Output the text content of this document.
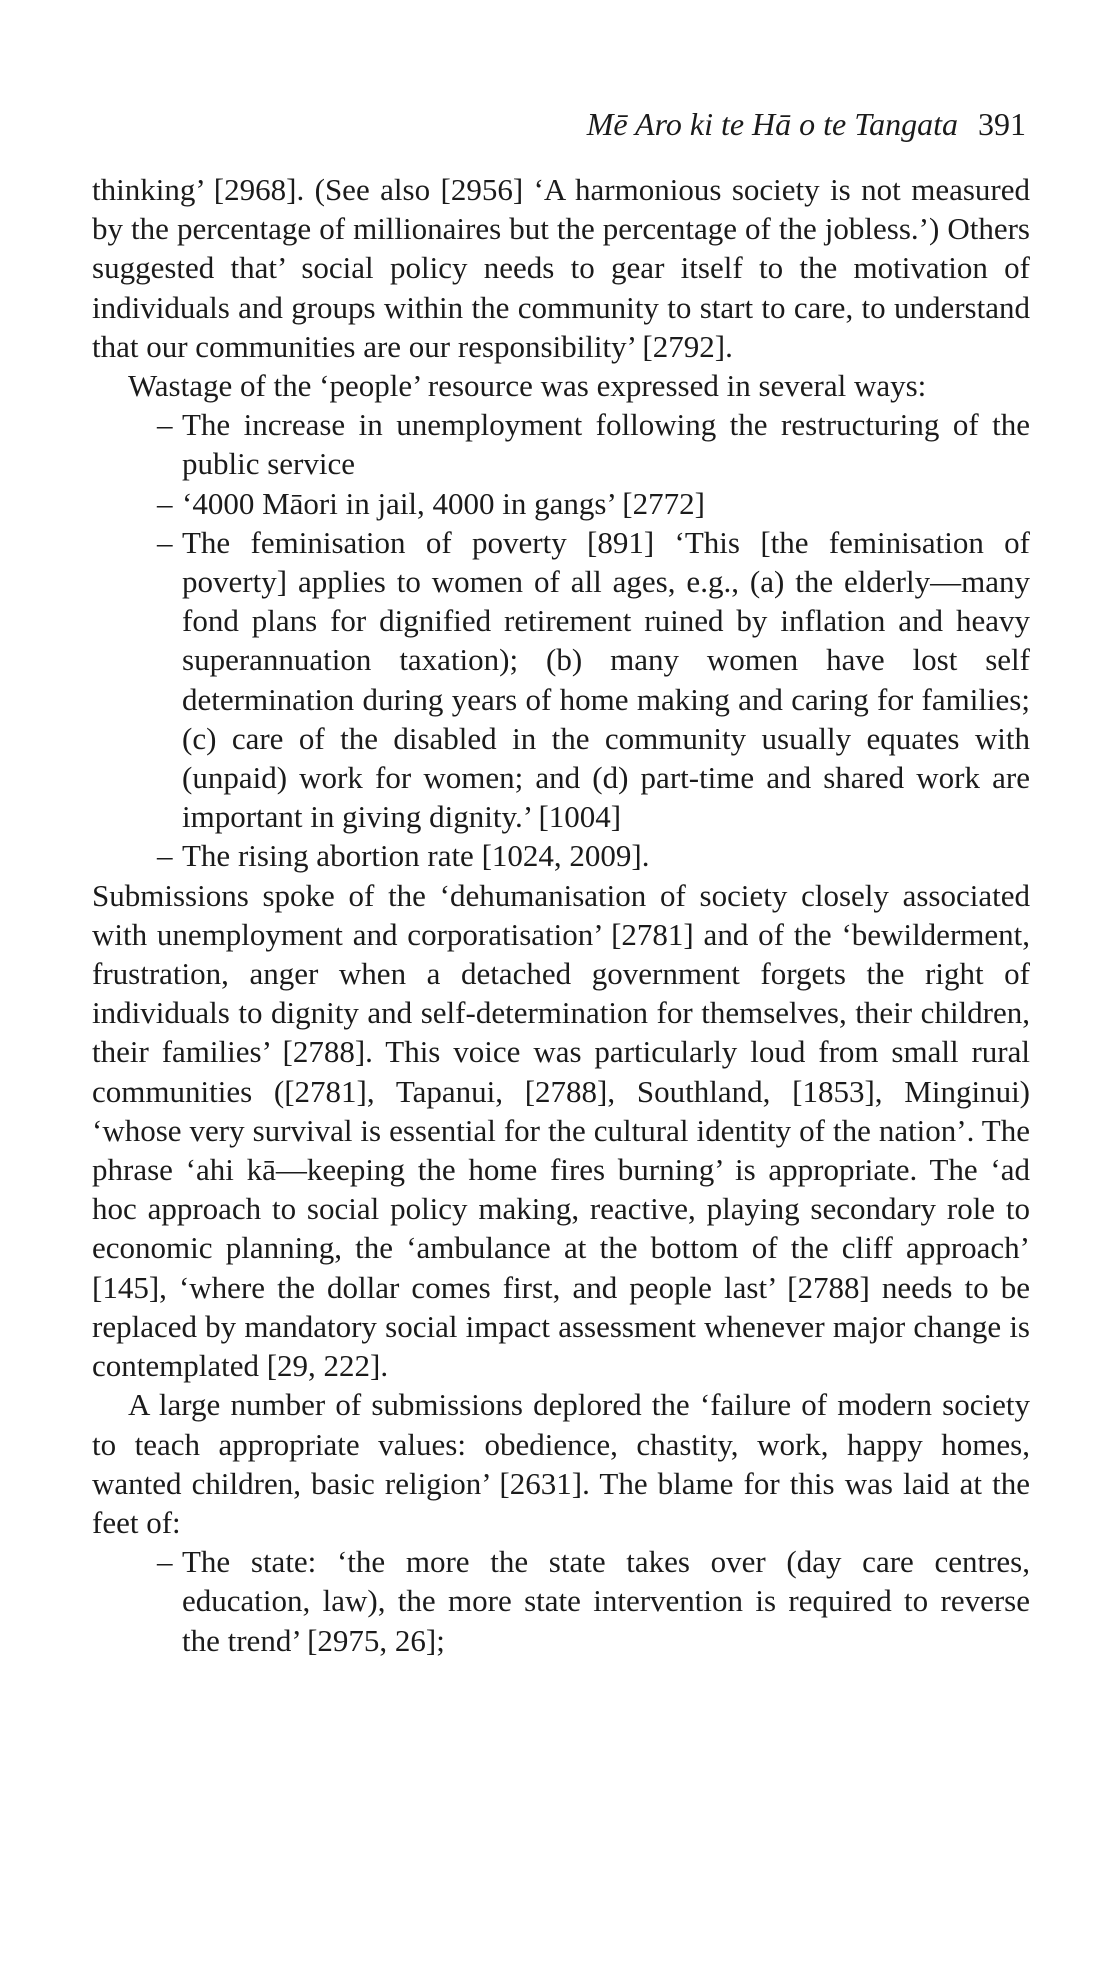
Mē Aro ki te Hā o te Tangata 391

thinking’ [2968]. (See also [2956] ‘A harmonious society is not measured by the percentage of millionaires but the percentage of the jobless.’) Others suggested that’ social policy needs to gear itself to the motivation of individuals and groups within the community to start to care, to understand that our communities are our responsibility’ [2792].

Wastage of the ‘people’ resource was expressed in several ways:

– The increase in unemployment following the restructuring of the public service
– ‘4000 Māori in jail, 4000 in gangs’ [2772]
– The feminisation of poverty [891] ‘This [the feminisation of poverty] applies to women of all ages, e.g., (a) the elderly—many fond plans for dignified retirement ruined by inflation and heavy superannuation taxation); (b) many women have lost self determination during years of home making and caring for families; (c) care of the disabled in the community usually equates with (unpaid) work for women; and (d) part-time and shared work are important in giving dignity.’ [1004]
– The rising abortion rate [1024, 2009].

Submissions spoke of the ‘dehumanisation of society closely associated with unemployment and corporatisation’ [2781] and of the ‘bewilderment, frustration, anger when a detached government forgets the right of individuals to dignity and self-determination for themselves, their children, their families’ [2788]. This voice was particularly loud from small rural communities ([2781], Tapanui, [2788], Southland, [1853], Minginui) ‘whose very survival is essential for the cultural identity of the nation’. The phrase ‘ahi kā—keeping the home fires burning’ is appropriate. The ‘ad hoc approach to social policy making, reactive, playing secondary role to economic planning, the ‘ambulance at the bottom of the cliff approach’ [145], ‘where the dollar comes first, and people last’ [2788] needs to be replaced by mandatory social impact assessment whenever major change is contemplated [29, 222].

A large number of submissions deplored the ‘failure of modern society to teach appropriate values: obedience, chastity, work, happy homes, wanted children, basic religion’ [2631]. The blame for this was laid at the feet of:

– The state: ‘the more the state takes over (day care centres, education, law), the more state intervention is required to reverse the trend’ [2975, 26];
